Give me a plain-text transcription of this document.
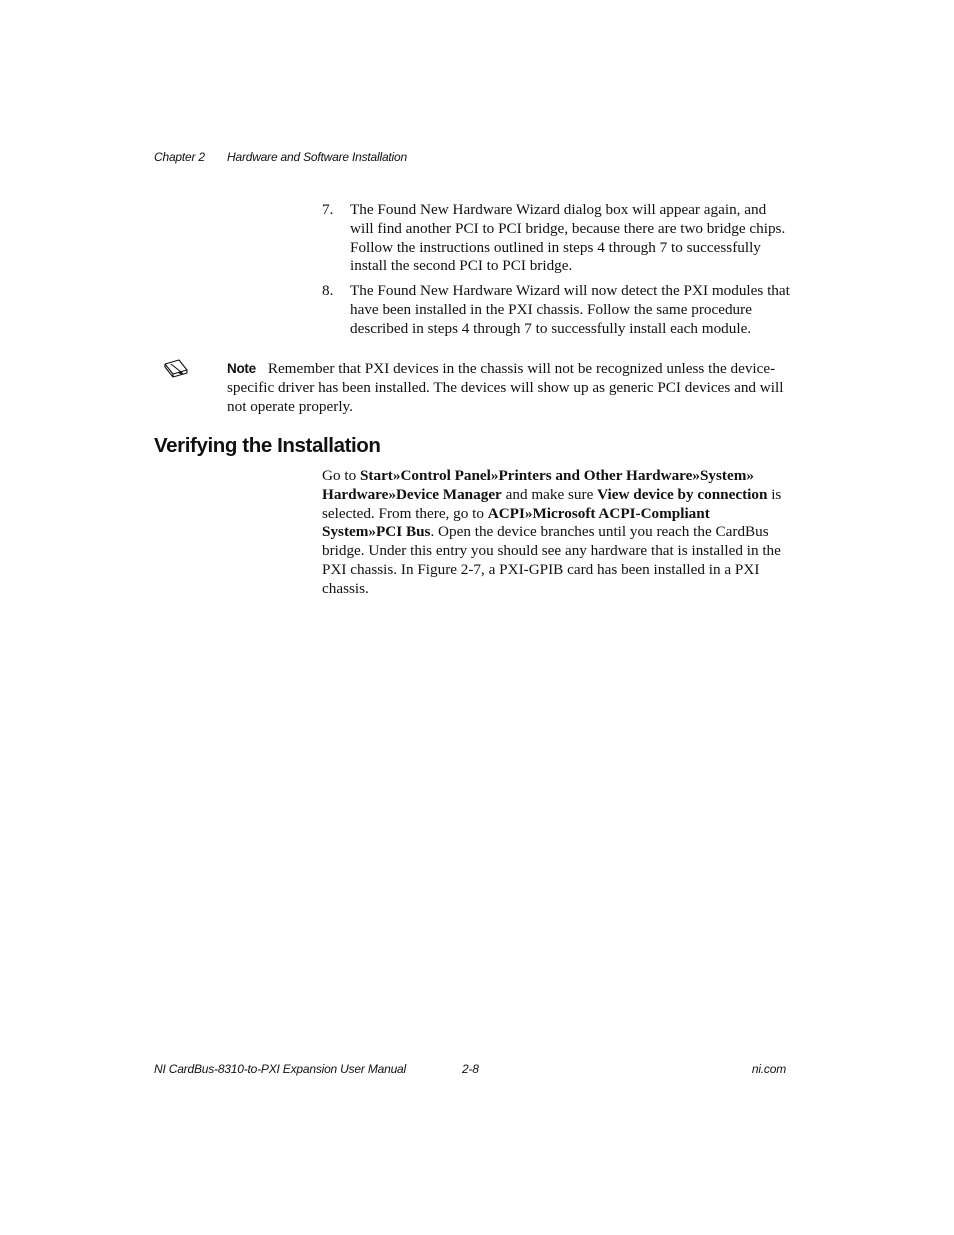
Chapter 2 Hardware and Software Installation
7. The Found New Hardware Wizard dialog box will appear again, and will find another PCI to PCI bridge, because there are two bridge chips. Follow the instructions outlined in steps 4 through 7 to successfully install the second PCI to PCI bridge.
8. The Found New Hardware Wizard will now detect the PXI modules that have been installed in the PXI chassis. Follow the same procedure described in steps 4 through 7 to successfully install each module.
Note Remember that PXI devices in the chassis will not be recognized unless the device-specific driver has been installed. The devices will show up as generic PCI devices and will not operate properly.
Verifying the Installation

Go to Start»Control Panel»Printers and Other Hardware»System» Hardware»Device Manager and make sure View device by connection is selected. From there, go to ACPI»Microsoft ACPI-Compliant System»PCI Bus. Open the device branches until you reach the CardBus bridge. Under this entry you should see any hardware that is installed in the PXI chassis. In Figure 2-7, a PXI-GPIB card has been installed in a PXI chassis.

NI CardBus-8310-to-PXI Expansion User Manual	2-8	ni.com
